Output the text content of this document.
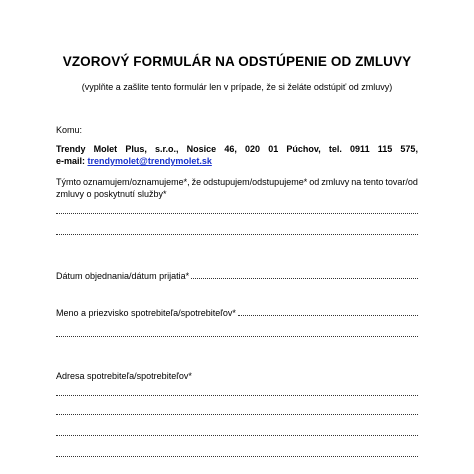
VZOROVÝ FORMULÁR NA ODSTÚPENIE OD ZMLUVY
(vyplňte a zašlite tento formulár len v prípade, že si želáte odstúpiť od zmluvy)
Komu:
Trendy Molet Plus, s.r.o., Nosice 46, 020 01 Púchov, tel. 0911 115 575,
e-mail: trendymolet@trendymolet.sk
Týmto oznamujem/oznamujeme*, že odstupujem/odstupujeme* od zmluvy na tento tovar/od
zmluvy o poskytnutí služby*
Dátum objednania/dátum prijatia*
Meno a priezvisko spotrebiteľa/spotrebiteľov*
Adresa spotrebiteľa/spotrebiteľov*
